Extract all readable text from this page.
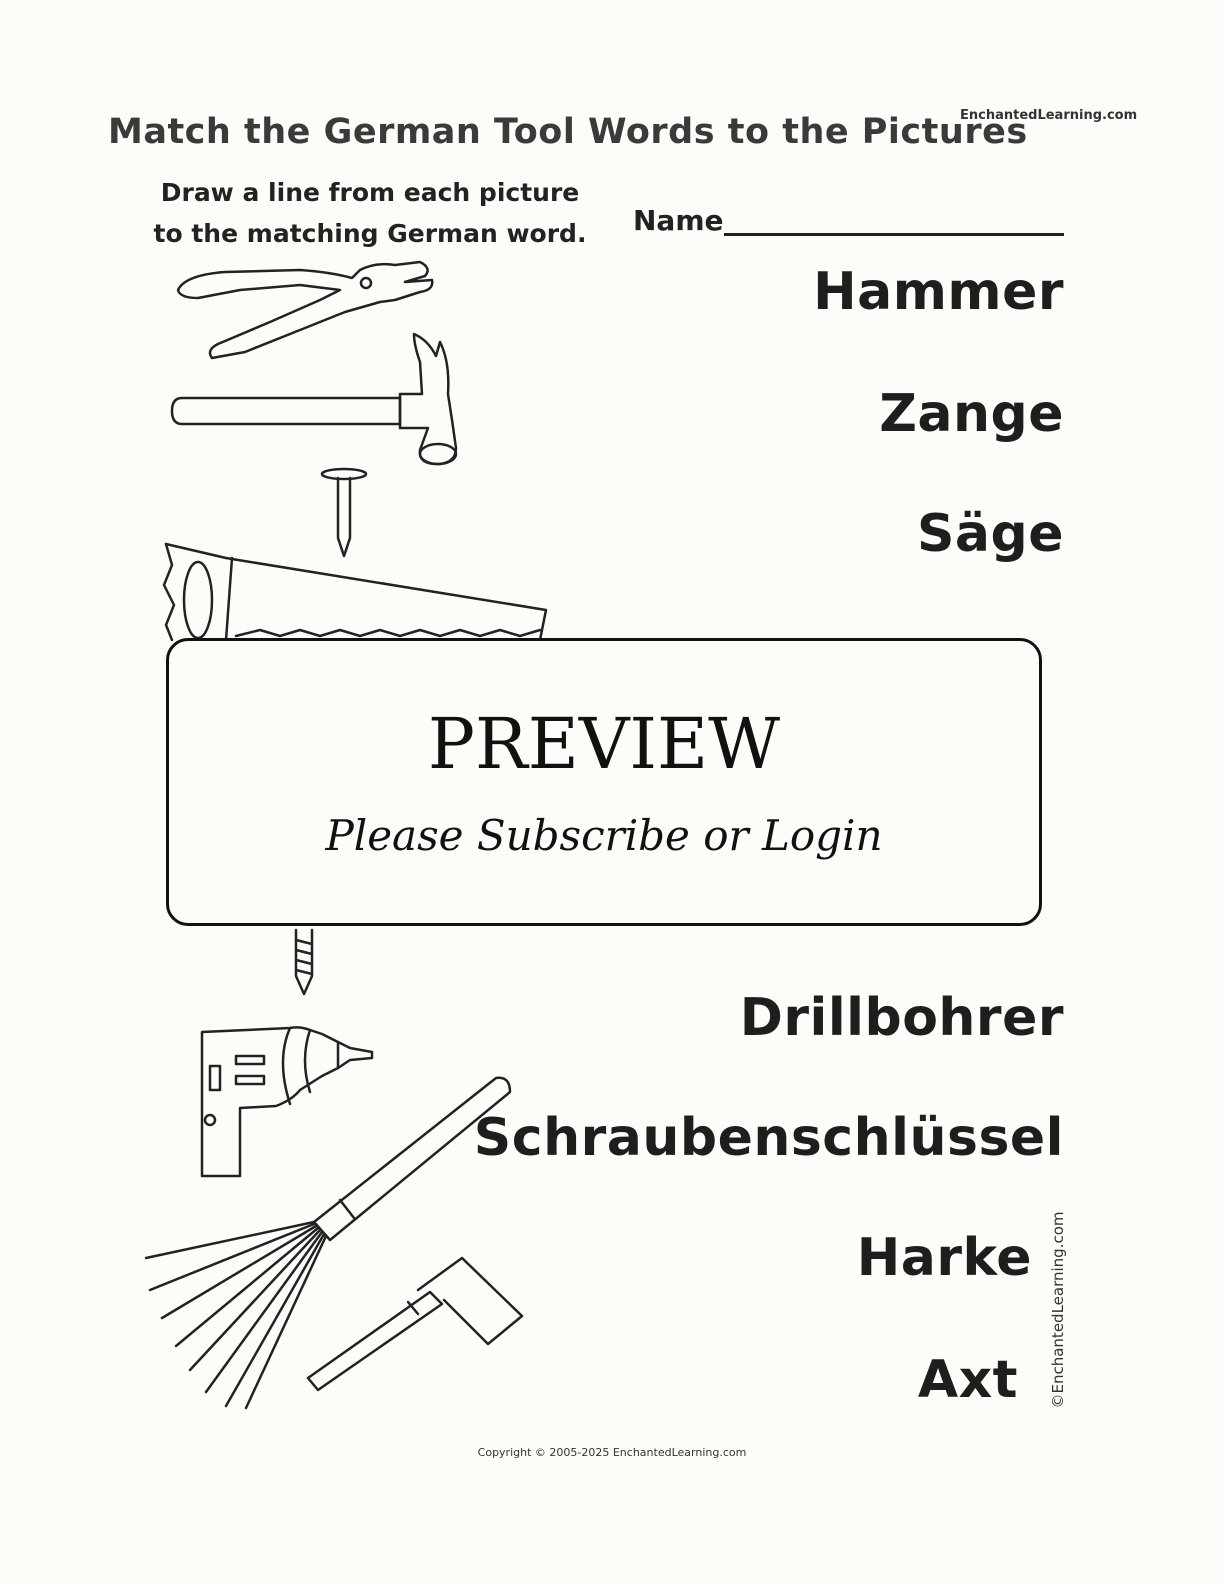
Match the German Tool Words to the Pictures
EnchantedLearning.com
Draw a line from each picture
to the matching German word. Name
Hammer
Zange
Säge
Drillbohrer
Schraubenschlüssel
Harke
Axt
PREVIEW
Please Subscribe or Login
©EnchantedLearning.com
Copyright © 2005-2025 EnchantedLearning.com
